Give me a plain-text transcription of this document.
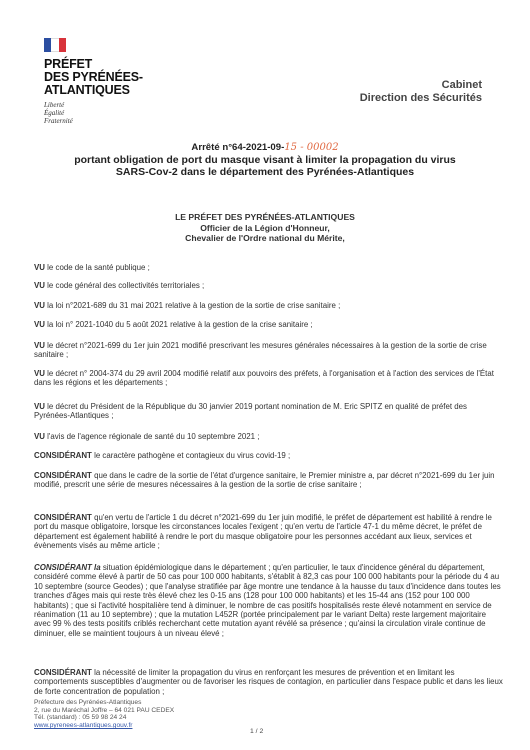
PRÉFET
DES PYRÉNÉES-
ATLANTIQUES
Liberté
Égalité
Fraternité
Cabinet
Direction des Sécurités
Arrêté n°64-2021-09-15 - 00002
portant obligation de port du masque visant à limiter la propagation du virus
SARS-Cov-2 dans le département des Pyrénées-Atlantiques
LE PRÉFET DES PYRÉNÉES-ATLANTIQUES
Officier de la Légion d'Honneur,
Chevalier de l'Ordre national du Mérite,
VU le code de la santé publique ;
VU le code général des collectivités territoriales ;
VU la loi n°2021-689 du 31 mai 2021 relative à la gestion de la sortie de crise sanitaire ;
VU la loi n° 2021-1040 du 5 août 2021 relative à la gestion de la crise sanitaire ;
VU le décret n°2021-699 du 1er juin 2021 modifié prescrivant les mesures générales nécessaires à la gestion de la sortie de crise sanitaire ;
VU le décret n° 2004-374 du 29 avril 2004 modifié relatif aux pouvoirs des préfets, à l'organisation et à l'action des services de l'État dans les régions et les départements ;
VU le décret du Président de la République du 30 janvier 2019 portant nomination de M. Eric SPITZ en qualité de préfet des Pyrénées-Atlantiques ;
VU l'avis de l'agence régionale de santé du 10 septembre 2021 ;
CONSIDÉRANT le caractère pathogène et contagieux du virus covid-19 ;
CONSIDÉRANT que dans le cadre de la sortie de l'état d'urgence sanitaire, le Premier ministre a, par décret n°2021-699 du 1er juin modifié, prescrit une série de mesures nécessaires à la gestion de la sortie de crise sanitaire ;
CONSIDÉRANT qu'en vertu de l'article 1 du décret n°2021-699 du 1er juin modifié, le préfet de département est habilité à rendre le port du masque obligatoire, lorsque les circonstances locales l'exigent ; qu'en vertu de l'article 47-1 du même décret, le préfet de département est également habilité à rendre le port du masque obligatoire pour les personnes accédant aux lieux, services et évènements visés au même article ;
CONSIDÉRANT la situation épidémiologique dans le département ; qu'en particulier, le taux d'incidence général du département, considéré comme élevé à partir de 50 cas pour 100 000 habitants, s'établit à 82,3 cas pour 100 000 habitants pour la période du 4 au 10 septembre (source Geodes) ; que l'analyse stratifiée par âge montre une tendance à la hausse du taux d'incidence dans toutes les tranches d'âges mais qui reste très élevé chez les 0-15 ans (128 pour 100 000 habitants) et les 15-44 ans (152 pour 100 000 habitants) ; que si l'activité hospitalière tend à diminuer, le nombre de cas positifs hospitalisés reste élevé notamment en service de réanimation (11 au 10 septembre) ; que la mutation L452R (portée principalement par le variant Delta) reste largement majoritaire avec 99 % des tests positifs criblés recherchant cette mutation ayant révélé sa présence ; qu'ainsi la circulation virale continue de diminuer, elle se maintient toujours à un niveau élevé ;
CONSIDÉRANT la nécessité de limiter la propagation du virus en renforçant les mesures de prévention et en limitant les comportements susceptibles d'augmenter ou de favoriser les risques de contagion, en particulier dans l'espace public et dans les lieux de forte concentration de population ;
Préfecture des Pyrénées-Atlantiques
2, rue du Maréchal Joffre – 64 021 PAU CEDEX
Tél. (standard) : 05 59 98 24 24
www.pyrenees-atlantiques.gouv.fr
1 / 2
